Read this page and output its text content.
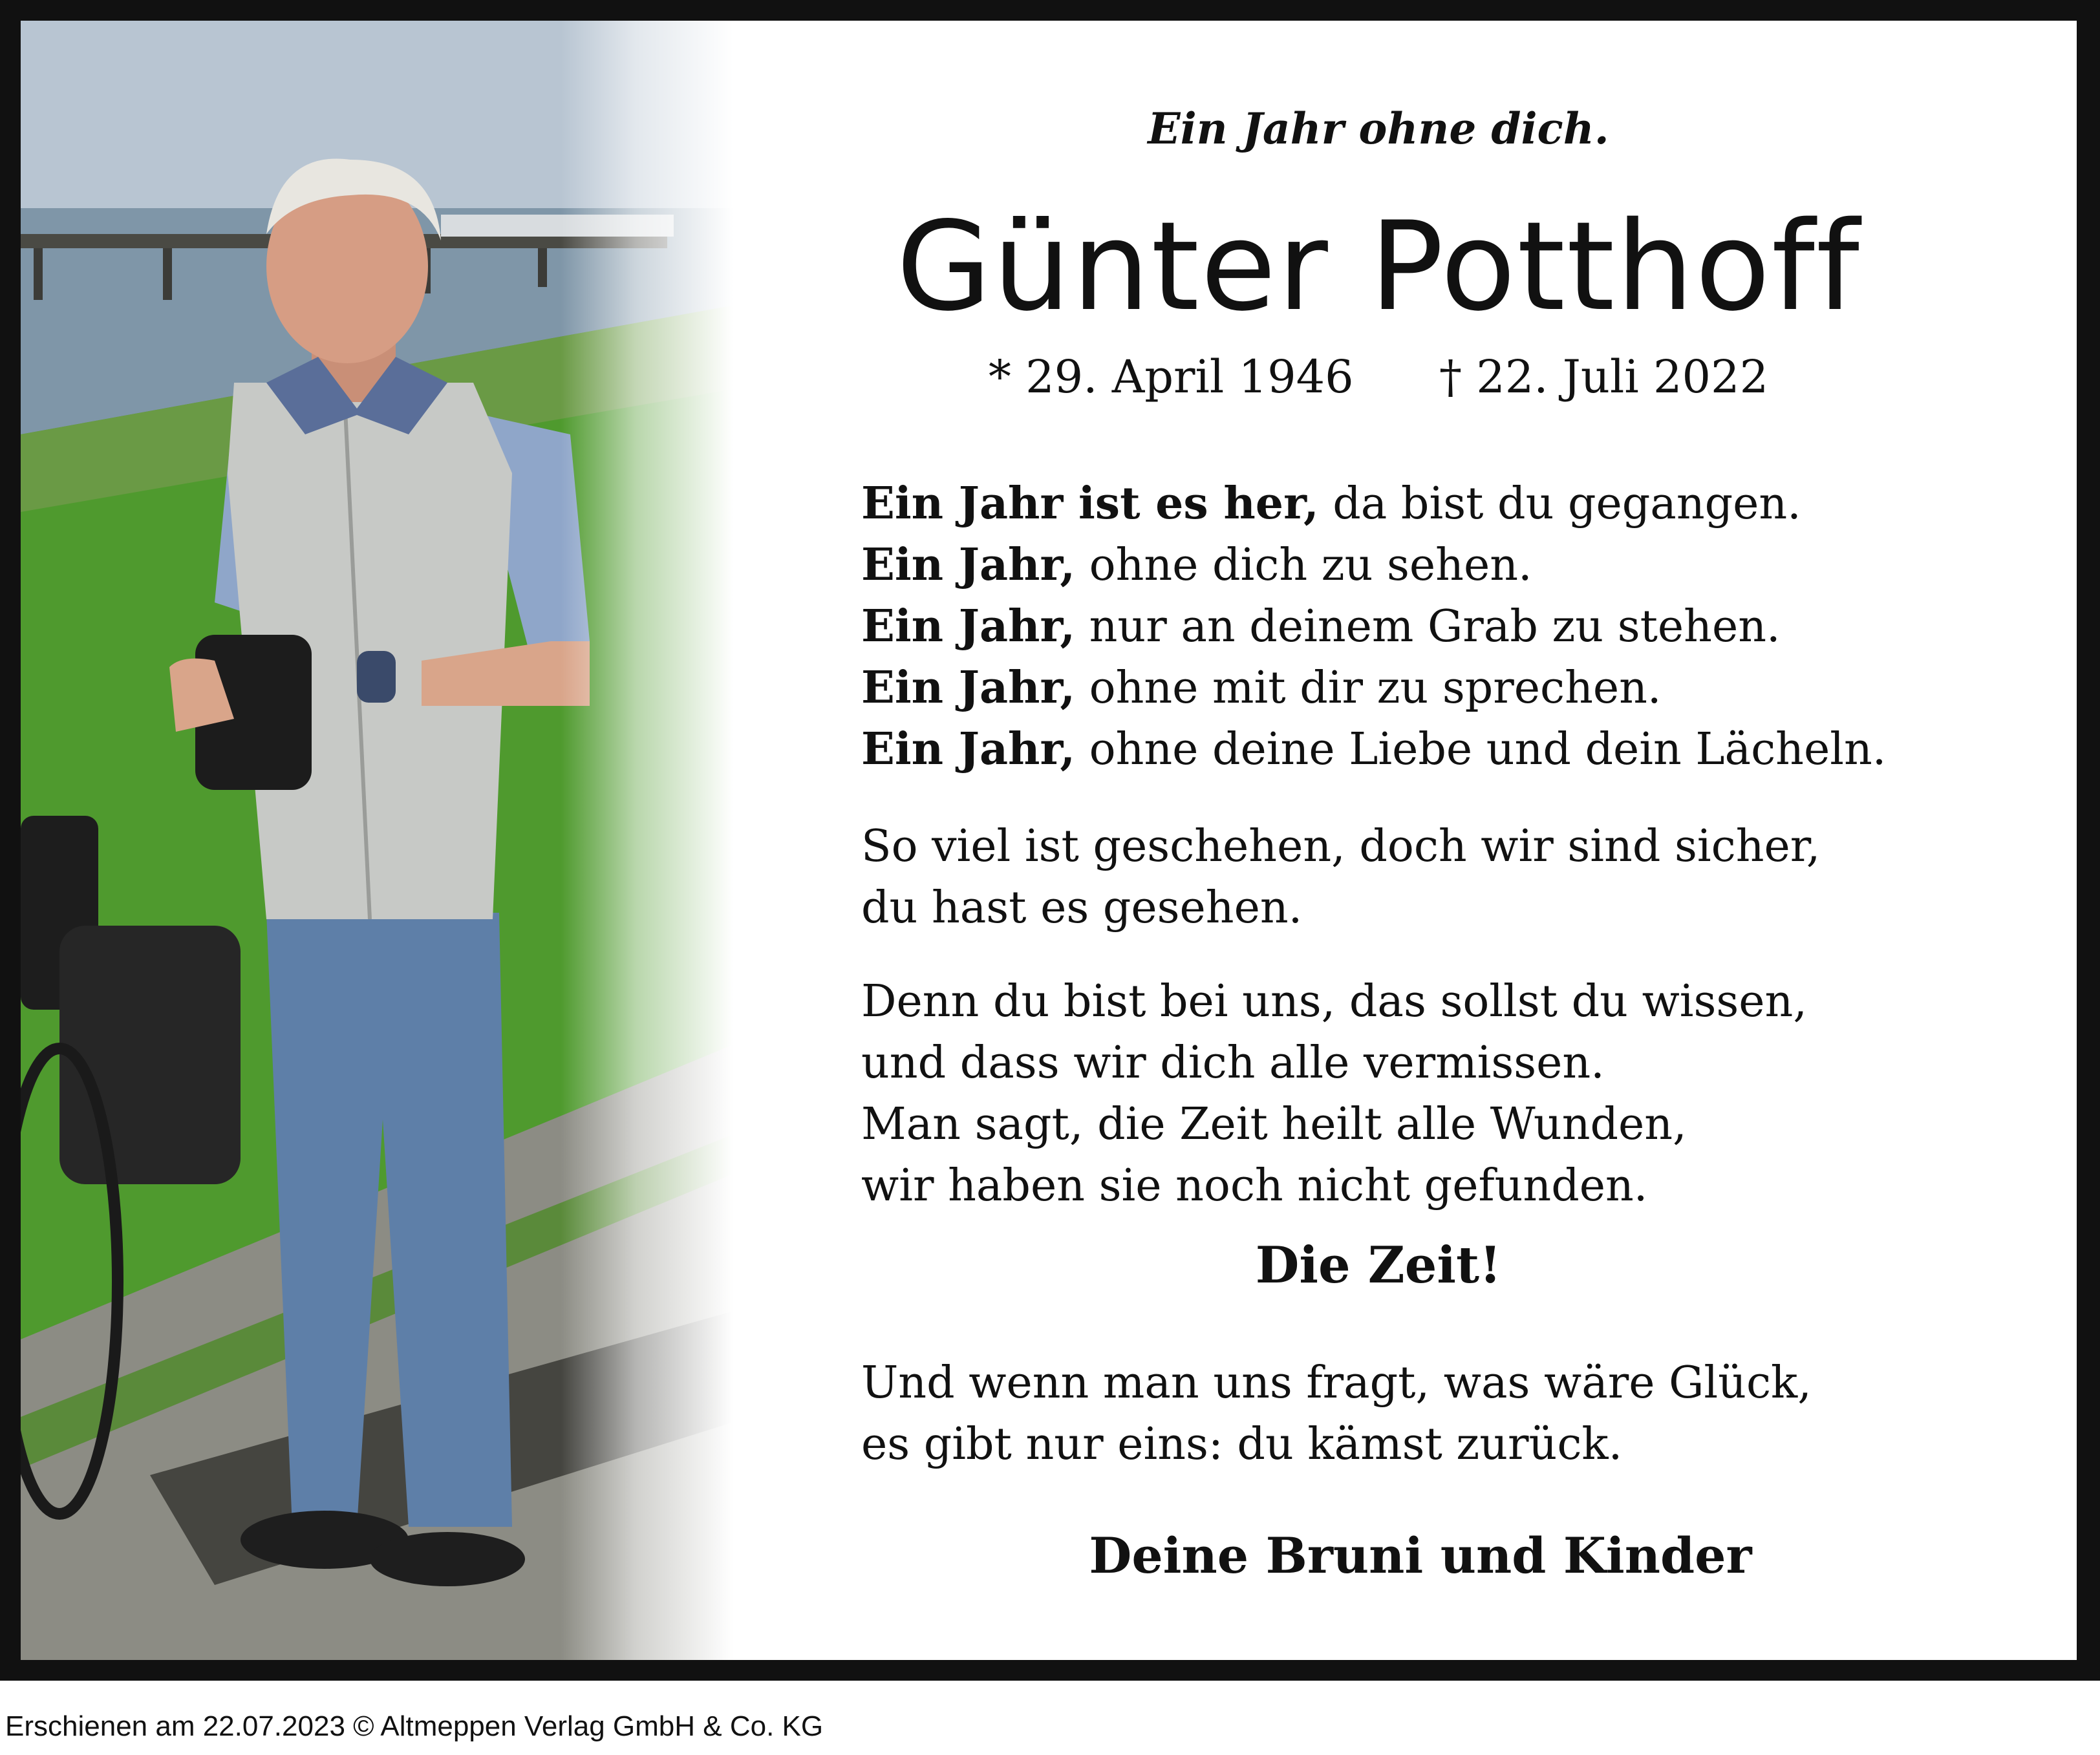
Ein Jahr ohne dich.
Günter Potthoff
* 29. April 1946 † 22. Juli 2022
Ein Jahr ist es her, da bist du gegangen.
Ein Jahr, ohne dich zu sehen.
Ein Jahr, nur an deinem Grab zu stehen.
Ein Jahr, ohne mit dir zu sprechen.
Ein Jahr, ohne deine Liebe und dein Lächeln.
So viel ist geschehen, doch wir sind sicher,
du hast es gesehen.
Denn du bist bei uns, das sollst du wissen,
und dass wir dich alle vermissen.
Man sagt, die Zeit heilt alle Wunden,
wir haben sie noch nicht gefunden.
Die Zeit!
Und wenn man uns fragt, was wäre Glück,
es gibt nur eins: du kämst zurück.
Deine Bruni und Kinder
Erschienen am 22.07.2023 © Altmeppen Verlag GmbH & Co. KG
